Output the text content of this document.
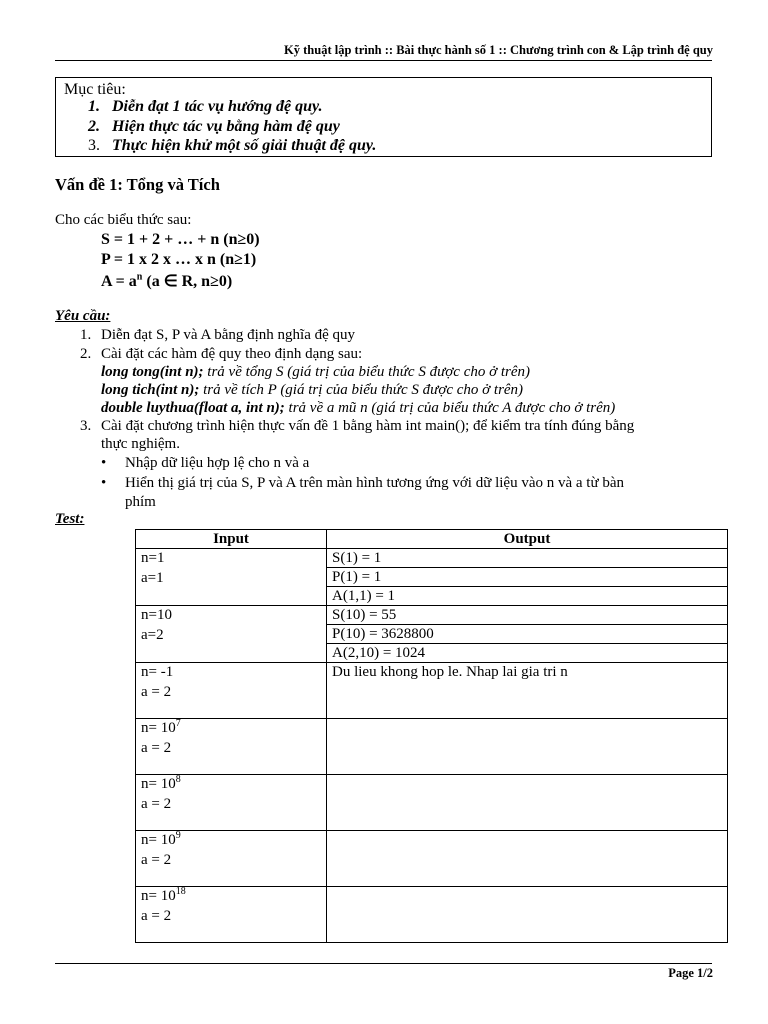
Kỹ thuật lập trình :: Bài thực hành số 1 :: Chương trình con & Lập trình đệ quy
Mục tiêu:
1. Diễn đạt 1 tác vụ hướng đệ quy.
2. Hiện thực tác vụ bằng hàm đệ quy
3. Thực hiện khử một số giải thuật đệ quy.
Vấn đề 1: Tổng và Tích
Cho các biểu thức sau:
S = 1 + 2 + … + n (n≥0)
P = 1 x 2 x … x n (n≥1)
$A = a^n$ (a ∈ R, n≥0)
Yêu cầu:
1. Diễn đạt S, P và A bằng định nghĩa đệ quy
2. Cài đặt các hàm đệ quy theo định dạng sau:
long tong(int n); trả về tổng S (giá trị của biểu thức S được cho ở trên)
long tich(int n); trả về tích P (giá trị của biểu thức S được cho ở trên)
double luythua(float a, int n); trả về a mũ n (giá trị của biểu thức A được cho ở trên)
3. Cài đặt chương trình hiện thực vấn đề 1 bằng hàm int main(); để kiểm tra tính đúng bằng
thực nghiệm.
• Nhập dữ liệu hợp lệ cho n và a
• Hiển thị giá trị của S, P và A trên màn hình tương ứng với dữ liệu vào n và a từ bàn
phím
Test:
Input	Output

n=1
a=1	S(1) = 1
	P(1) = 1
	A(1,1) = 1

n=10
a=2	S(10) = 55
	P(10) = 3628800
	A(2,10) = 1024

n= -1
a = 2	Du lieu khong hop le. Nhap lai gia tri n

$n= 10^7$
a = 2	

$n= 10^8$
a = 2	

$n= 10^9$
a = 2	

$n= 10^{18}$
a = 2	

Page 1/2
